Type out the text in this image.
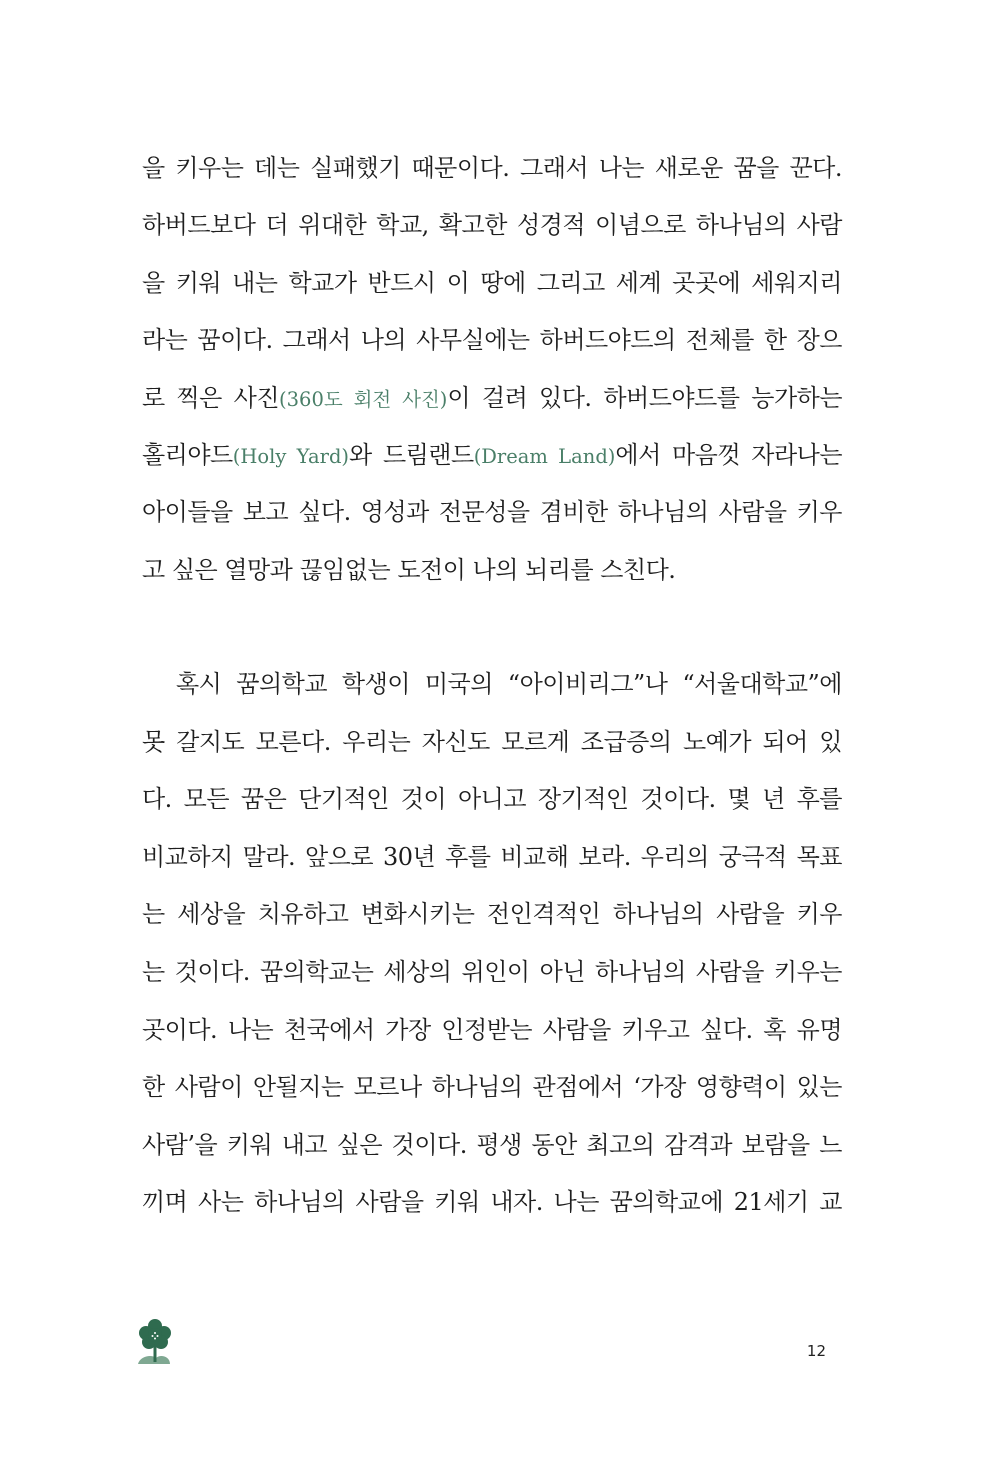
을 키우는 데는 실패했기 때문이다. 그래서 나는 새로운 꿈을 꾼다.
하버드보다 더 위대한 학교, 확고한 성경적 이념으로 하나님의 사람
을 키워 내는 학교가 반드시 이 땅에 그리고 세계 곳곳에 세워지리
라는 꿈이다. 그래서 나의 사무실에는 하버드야드의 전체를 한 장으
로 찍은 사진(360도 회전 사진)이 걸려 있다. 하버드야드를 능가하는
홀리야드(Holy Yard)와 드림랜드(Dream Land)에서 마음껏 자라나는
아이들을 보고 싶다. 영성과 전문성을 겸비한 하나님의 사람을 키우
고 싶은 열망과 끊임없는 도전이 나의 뇌리를 스친다.
혹시 꿈의학교 학생이 미국의 “아이비리그”나 “서울대학교”에
못 갈지도 모른다. 우리는 자신도 모르게 조급증의 노예가 되어 있
다. 모든 꿈은 단기적인 것이 아니고 장기적인 것이다. 몇 년 후를
비교하지 말라. 앞으로 30년 후를 비교해 보라. 우리의 궁극적 목표
는 세상을 치유하고 변화시키는 전인격적인 하나님의 사람을 키우
는 것이다. 꿈의학교는 세상의 위인이 아닌 하나님의 사람을 키우는
곳이다. 나는 천국에서 가장 인정받는 사람을 키우고 싶다. 혹 유명
한 사람이 안될지는 모르나 하나님의 관점에서 ‘가장 영향력이 있는
사람’을 키워 내고 싶은 것이다. 평생 동안 최고의 감격과 보람을 느
끼며 사는 하나님의 사람을 키워 내자. 나는 꿈의학교에 21세기 교
12
